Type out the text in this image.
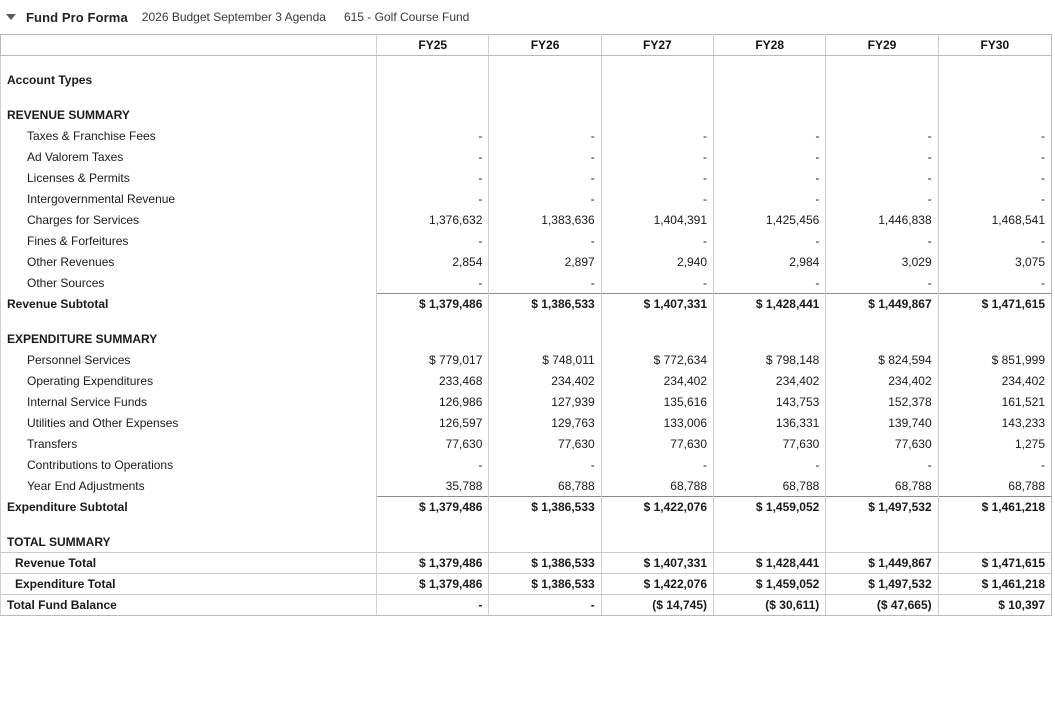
Fund Pro Forma 2026 Budget September 3 Agenda 615 - Golf Course Fund
	FY25	FY26	FY27	FY28	FY29	FY30

Account Types						

REVENUE SUMMARY						
Taxes & Franchise Fees	-	-	-	-	-	-
Ad Valorem Taxes	-	-	-	-	-	-
Licenses & Permits	-	-	-	-	-	-
Intergovernmental Revenue	-	-	-	-	-	-
Charges for Services	1,376,632	1,383,636	1,404,391	1,425,456	1,446,838	1,468,541
Fines & Forfeitures	-	-	-	-	-	-
Other Revenues	2,854	2,897	2,940	2,984	3,029	3,075
Other Sources	-	-	-	-	-	-
Revenue Subtotal	$ 1,379,486	$ 1,386,533	$ 1,407,331	$ 1,428,441	$ 1,449,867	$ 1,471,615

EXPENDITURE SUMMARY						
Personnel Services	$ 779,017	$ 748,011	$ 772,634	$ 798,148	$ 824,594	$ 851,999
Operating Expenditures	233,468	234,402	234,402	234,402	234,402	234,402
Internal Service Funds	126,986	127,939	135,616	143,753	152,378	161,521
Utilities and Other Expenses	126,597	129,763	133,006	136,331	139,740	143,233
Transfers	77,630	77,630	77,630	77,630	77,630	1,275
Contributions to Operations	-	-	-	-	-	-
Year End Adjustments	35,788	68,788	68,788	68,788	68,788	68,788
Expenditure Subtotal	$ 1,379,486	$ 1,386,533	$ 1,422,076	$ 1,459,052	$ 1,497,532	$ 1,461,218

TOTAL SUMMARY						
Revenue Total	$ 1,379,486	$ 1,386,533	$ 1,407,331	$ 1,428,441	$ 1,449,867	$ 1,471,615
Expenditure Total	$ 1,379,486	$ 1,386,533	$ 1,422,076	$ 1,459,052	$ 1,497,532	$ 1,461,218
Total Fund Balance	-	-	($ 14,745)	($ 30,611)	($ 47,665)	$ 10,397
